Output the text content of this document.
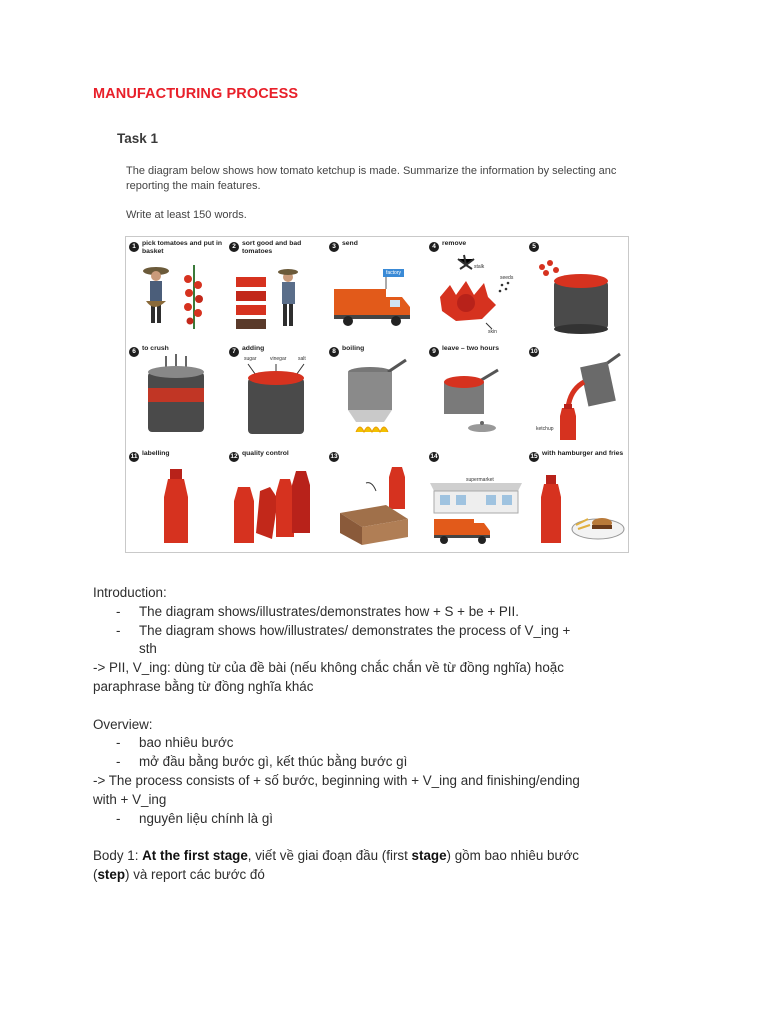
MANUFACTURING PROCESS
Task 1
The diagram below shows how tomato ketchup is made. Summarize the information by selecting anc
reporting the main features.
Write at least 150 words.
1 pick tomatoes and put in basket
2 sort good and bad tomatoes
3 send
factory
4 remove
stalk
seeds
skin
5
6 to crush	7 adding
sugar	vinegar salt
8 boiling	9 leave – two hours	10
ketchup
11 labelling	12 quality control	13	14
supermarket
15 with hamburger and fries

Introduction:

- The diagram shows/illustrates/demonstrates how + S + be + PII.

- The diagram shows how/illustrates/ demonstrates the process of V_ing +

sth

-> PII, V_ing: dùng từ của đề bài (nếu không chắc chắn về từ đồng nghĩa) hoặc

paraphrase bằng từ đồng nghĩa khác

Overview:

- bao nhiêu bước

- mở đầu bằng bước gì, kết thúc bằng bước gì

-> The process consists of + số bước, beginning with + V_ing and finishing/ending

with + V_ing

- nguyên liệu chính là gì

Body 1: At the first stage, viết về giai đoạn đầu (first stage) gồm bao nhiêu bước

(step) và report các bước đó
